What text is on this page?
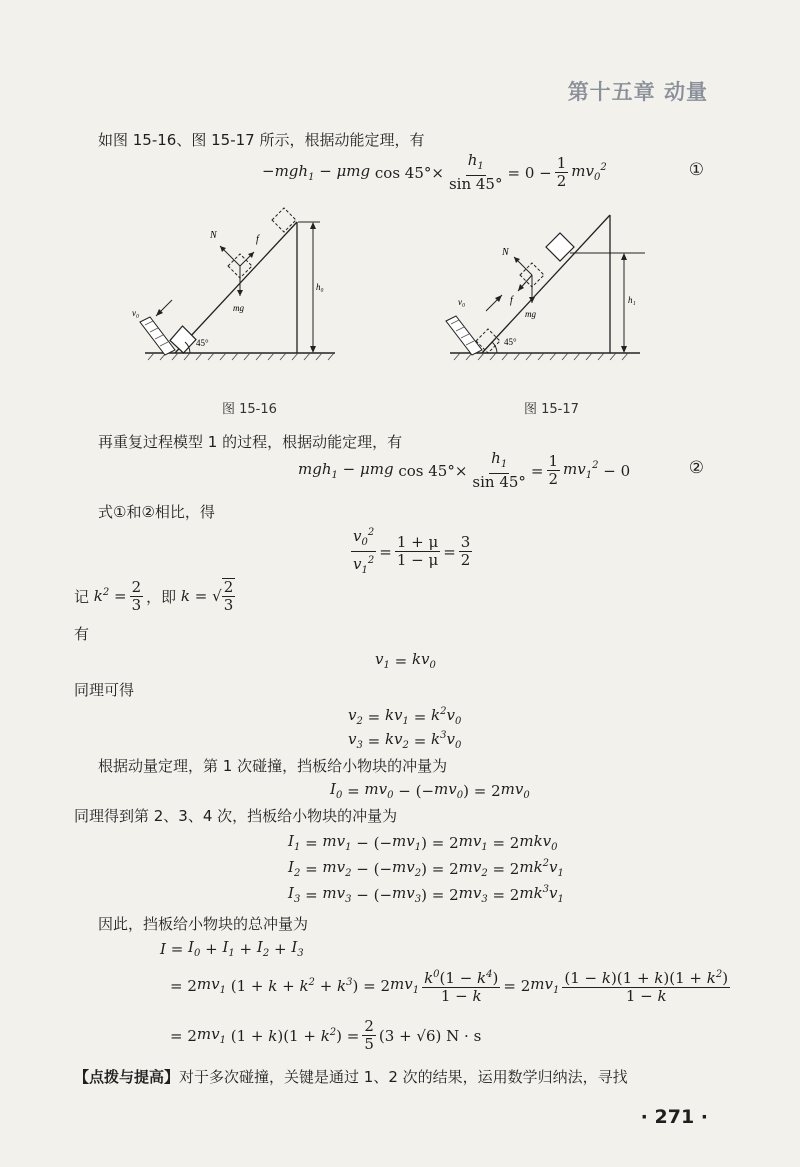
第十五章 动量
如图 15-16、图 15-17 所示，根据动能定理，有
−mgh$_1$ − μmg
$\cos 45^\circ\times \frac{h_1}{\sin 45^\circ} = 0 - \frac{1}{2} mv_0^2$	①
N	f
mg
v₀
45°
h₀
图 15-16
N
f
mg
v₀
45°
h₁
图 15-17
再重复过程模型 1 的过程，根据动能定理，有
mgh$_1$ − μmg
$\cos 45^\circ\times \frac{h_1}{\sin 45^\circ} = \frac{1}{2} mv_1^2$
− 0	②
式①和②相比，得
$\frac{v_0^2}{v_1^2} = \frac{1 + \mu}{1 - \mu} = \frac{3}{2}$
记 $k^2 = \frac{2}{3}$ ，即 k = √ $\frac{2}{3}$
有
$v_1 = kv_0$
同理可得
$v_2 = kv_1 = k^2v_0$
$v_3 = kv_2 = k^3v_0$
根据动量定理，第 1 次碰撞，挡板给小物块的冲量为
$I_0 = mv_0$ − (− $mv_0$ ) = 2 $mv_0$
同理得到第 2、3、4 次，挡板给小物块的冲量为
$I_1 = mv_1$ − (− $mv_1$ ) = 2 $mv_1 = 2$ mkv$_0$
$I_2 = mv_2$ − (− $mv_2$ ) = 2 $mv_2 = 2$ $mk^2v_1$
$I_3 = mv_3$ − (− $mv_3$ ) = 2 $mv_3 = 2$ $mk^3v_1$
因此，挡板给小物块的总冲量为
$I = I_0 + I_1 + I_2 + I_3$
= 2 $mv_1$ ($1 + k + k^2 + k^3$ ) = 2 $mv_1 \frac{k^0(1 - k^4)}{1 - k} = 2$ $mv_1 \frac{(1 - k)(1 + k)(1 + k^2)}{1 - k}$
= 2 $mv_1$ (1 + k )($1 + k^2$ ) = $\frac{2}{5} (3 + √6) N \cdot s$
【点拨与提高】对于多次碰撞，关键是通过 1、2 次的结果，运用数学归纳法，寻找
· 271 ·
